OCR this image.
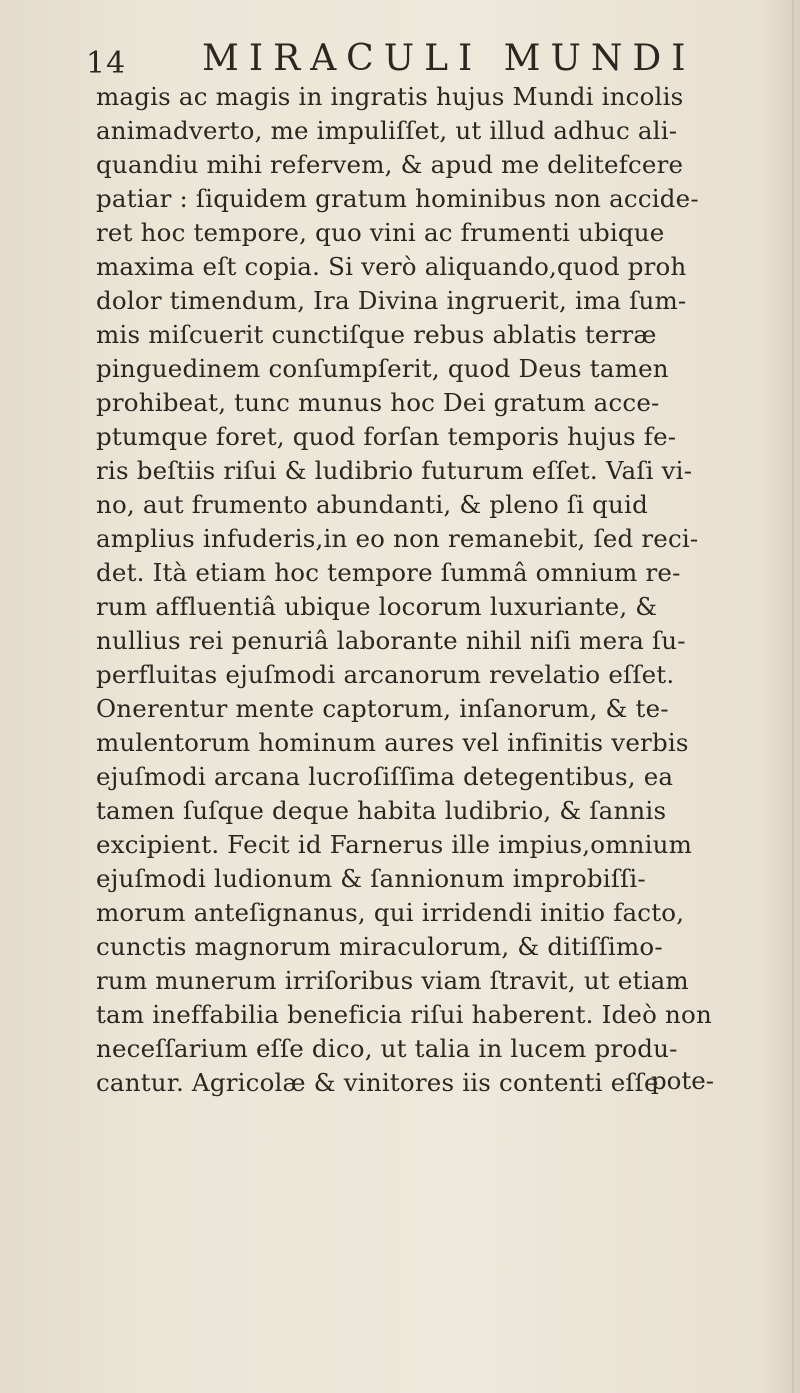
14 MIRACULI MUNDI
magis ac magis in ingratis hujus Mundi incolis
animadverto, me impuliſſet, ut illud adhuc ali-
quandiu mihi refervem, & apud me delitefcere
patiar : ſiquidem gratum hominibus non accide-
ret hoc tempore, quo vini ac frumenti ubique
maxima eſt copia. Si verò aliquando,quod proh
dolor timendum, Ira Divina ingruerit, ima ſum-
mis miſcuerit cunctiſque rebus ablatis terræ
pinguedinem conſumpſerit, quod Deus tamen
prohibeat, tunc munus hoc Dei gratum acce-
ptumque foret, quod forſan temporis hujus fe-
ris beſtiis riſui & ludibrio futurum eſſet. Vaſi vi-
no, aut frumento abundanti, & pleno ſi quid
amplius infuderis,in eo non remanebit, ſed reci-
det. Ità etiam hoc tempore ſummâ omnium re-
rum affluentiâ ubique locorum luxuriante, &
nullius rei penuriâ laborante nihil niſi mera ſu-
perfluitas ejuſmodi arcanorum revelatio eſſet.
Onerentur mente captorum, inſanorum, & te-
mulentorum hominum aures vel infinitis verbis
ejuſmodi arcana lucroſiſſima detegentibus, ea
tamen ſuſque deque habita ludibrio, & ſannis
excipient. Fecit id Farnerus ille impius,omnium
ejuſmodi ludionum & ſannionum improbiſſi-
morum anteſignanus, qui irridendi initio facto,
cunctis magnorum miraculorum, & ditiſſimo-
rum munerum irriſoribus viam ſtravit, ut etiam
tam ineffabilia beneficia riſui haberent. Ideò non
neceſſarium eſſe dico, ut talia in lucem produ-
cantur. Agricolæ & vinitores iis contenti eſſe
pote-
